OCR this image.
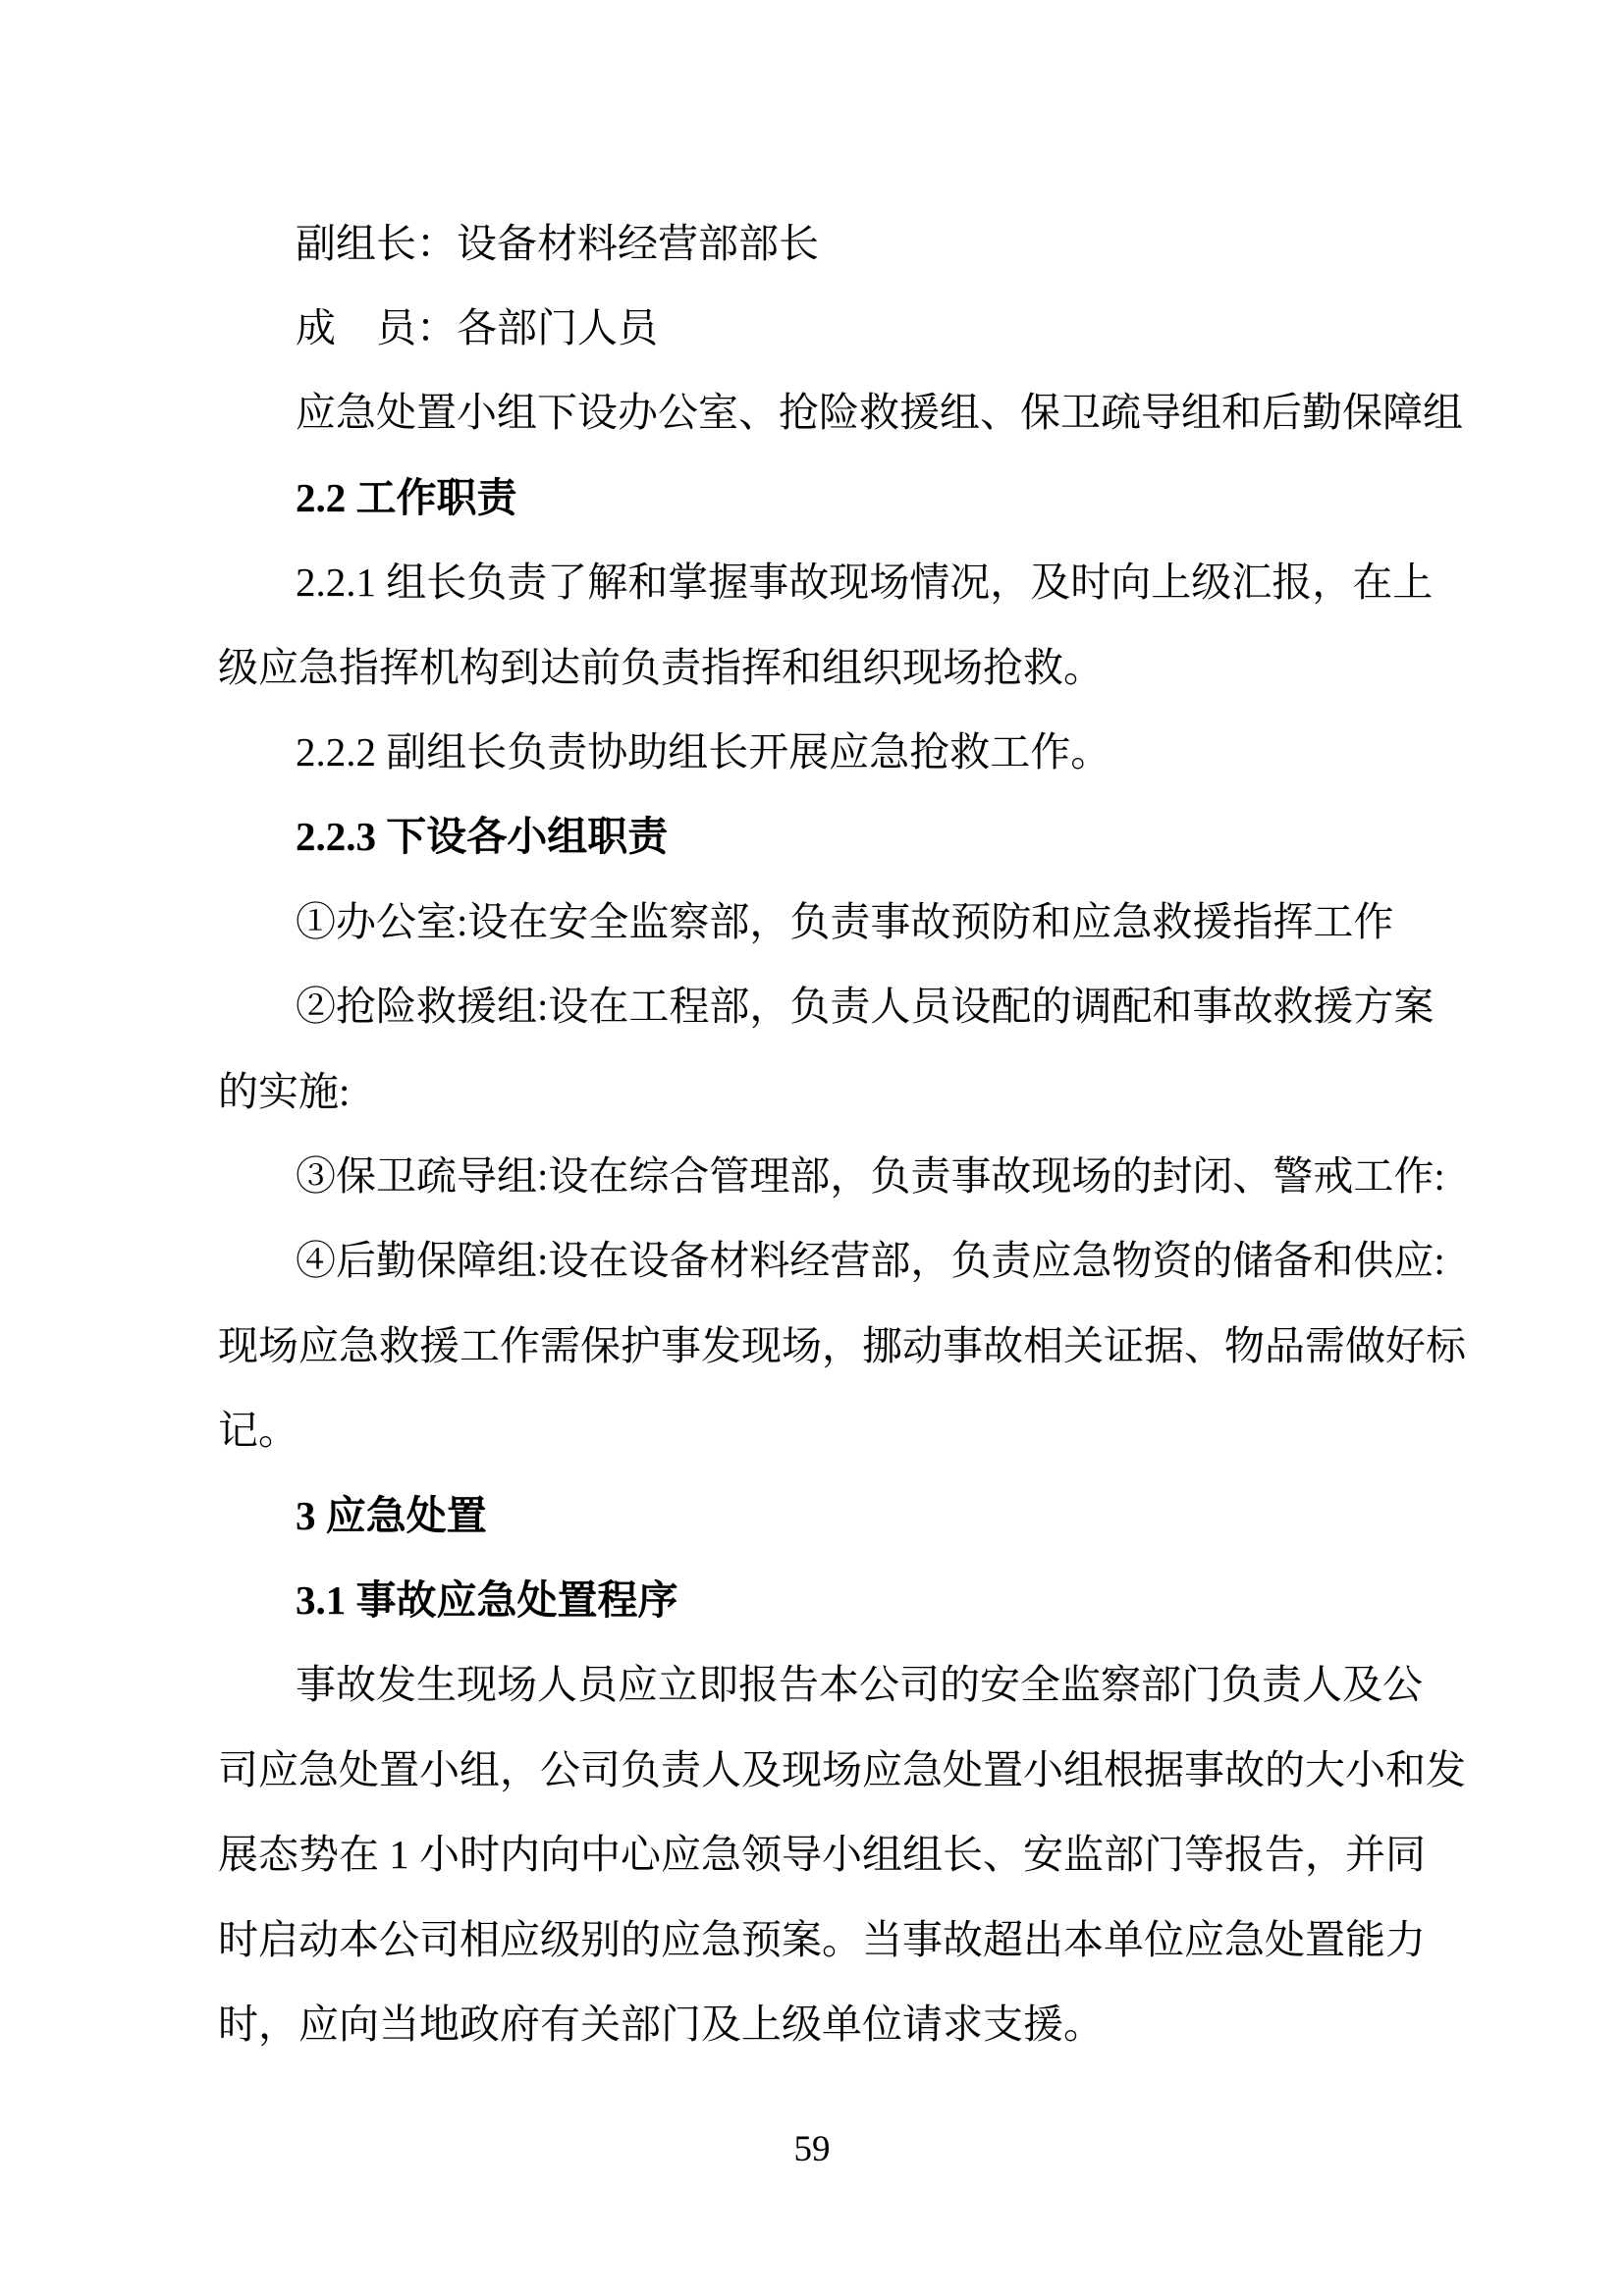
副组长：设备材料经营部部长
成　员：各部门人员
应急处置小组下设办公室、抢险救援组、保卫疏导组和后勤保障组
2.2 工作职责
2.2.1 组长负责了解和掌握事故现场情况，及时向上级汇报，在上
级应急指挥机构到达前负责指挥和组织现场抢救。
2.2.2 副组长负责协助组长开展应急抢救工作。
2.2.3 下设各小组职责
①办公室:设在安全监察部，负责事故预防和应急救援指挥工作
②抢险救援组:设在工程部，负责人员设配的调配和事故救援方案
的实施:
③保卫疏导组:设在综合管理部，负责事故现场的封闭、警戒工作:
④后勤保障组:设在设备材料经营部，负责应急物资的储备和供应:
现场应急救援工作需保护事发现场，挪动事故相关证据、物品需做好标
记。
3 应急处置
3.1 事故应急处置程序
事故发生现场人员应立即报告本公司的安全监察部门负责人及公
司应急处置小组，公司负责人及现场应急处置小组根据事故的大小和发
展态势在 1 小时内向中心应急领导小组组长、安监部门等报告，并同
时启动本公司相应级别的应急预案。当事故超出本单位应急处置能力
时，应向当地政府有关部门及上级单位请求支援。
59
